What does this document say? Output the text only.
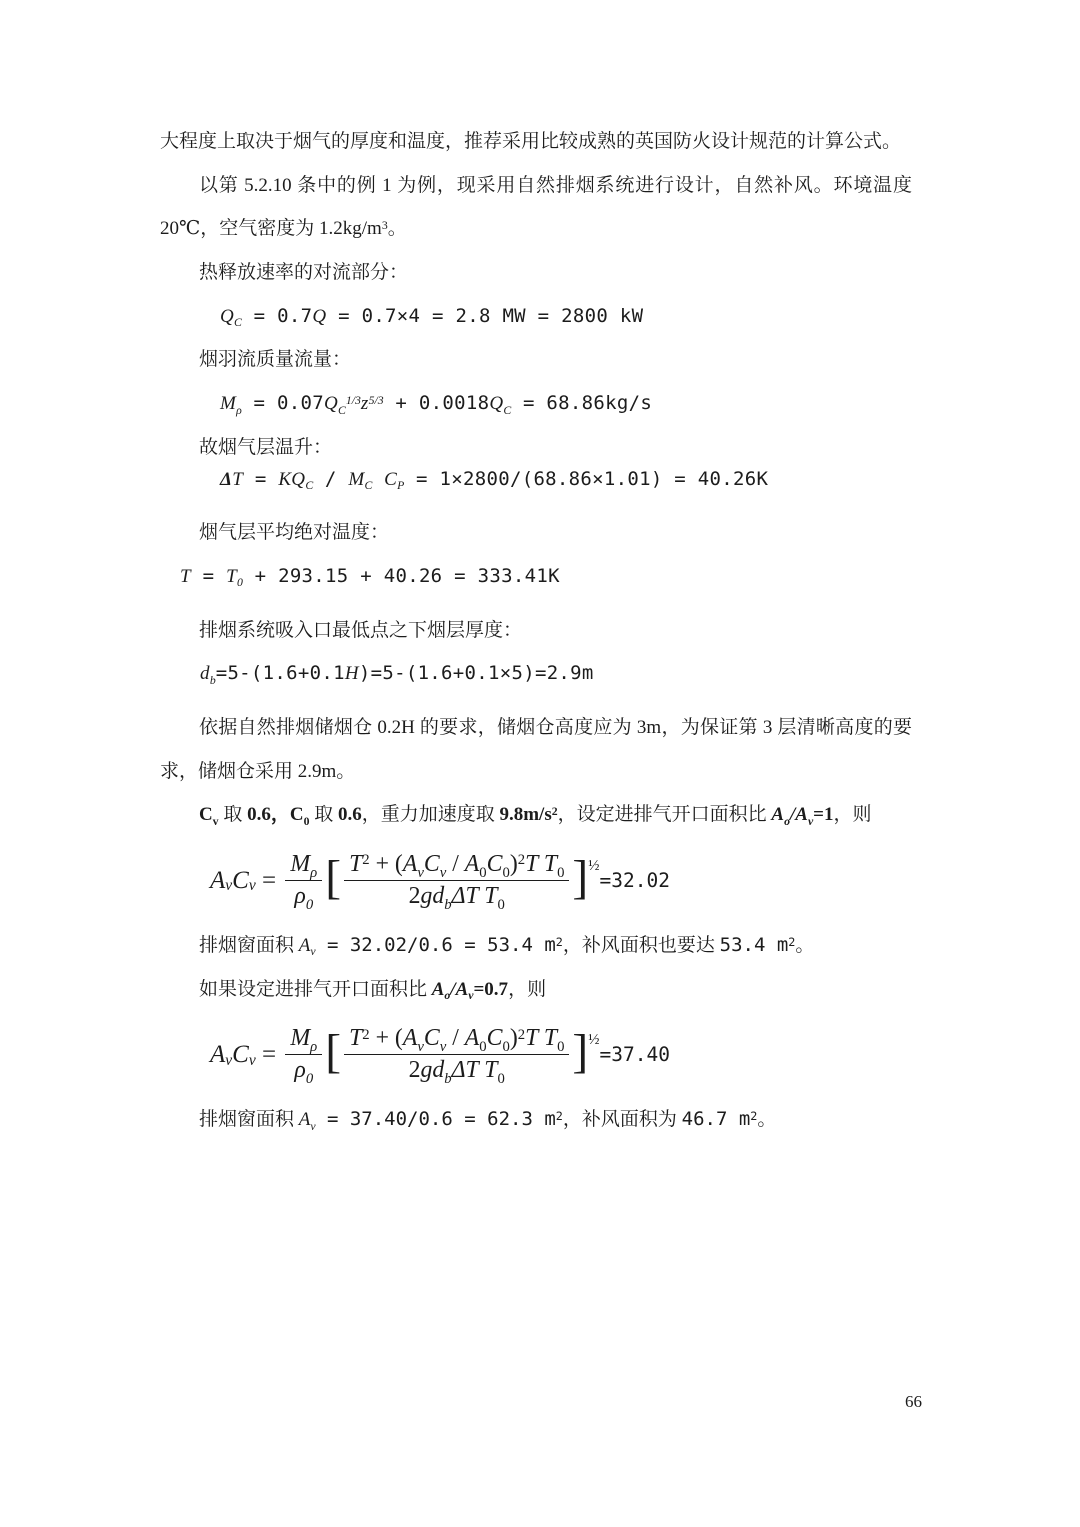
大程度上取决于烟气的厚度和温度，推荐采用比较成熟的英国防火设计规范的计算公式。

以第 5.2.10 条中的例 1 为例，现采用自然排烟系统进行设计，自然补风。环境温度 20℃，空气密度为 $1.2kg/m^3$。

热释放速率的对流部分：

$Q_C = 0.7Q = 0.7\times 4 = 2.8$ MW = 2800 kW

烟羽流质量流量：

$M_\rho = 0.07Q_C^{1/3}z^{5/3} + 0.0018Q_C = 68.86kg/s$

故烟气层温升：

$\Delta T = KQ_C / M_C$ $C_P = 1\times 2800/(68.86\times 1.01) = 40.26K$

烟气层平均绝对温度：

$T = T_0 + 293.15 + 40.26 = 333.41K$

排烟系统吸入口最低点之下烟层厚度：

$d_b=5-(1.6+0.1H)=5-(1.6+0.1\times 5)=2.9m$

依据自然排烟储烟仓 0.2H 的要求，储烟仓高度应为 3m，为保证第 3 层清晰高度的要求，储烟仓采用 2.9m。

$C_v$ 取 0.6，$C_0$ 取 0.6，重力加速度取 $9.8m/s^2$，设定进排气开口面积比 $A_o/A_v=1$，则

A v C $v = \frac{M_\rho}{\rho_0}$ [ $\frac{T^2 + (A_vC_v / A_0C_0)^2T T_0}{2gd_b\Delta T T_0}$ ] ½
=32.02

排烟窗面积 $A_v = 32.02/0.6 = 53.4$ $m^2$，补风面积也要达 53.4 $m^2$。

如果设定进排气开口面积比 $A_o/A_v=0.7$，则

A v C $v = \frac{M_\rho}{\rho_0}$ [ $\frac{T^2 + (A_vC_v / A_0C_0)^2T T_0}{2gd_b\Delta T T_0}$ ] ½
=37.40

排烟窗面积 $A_v = 37.40/0.6 = 62.3$ $m^2$，补风面积为 46.7 $m^2$。

66
